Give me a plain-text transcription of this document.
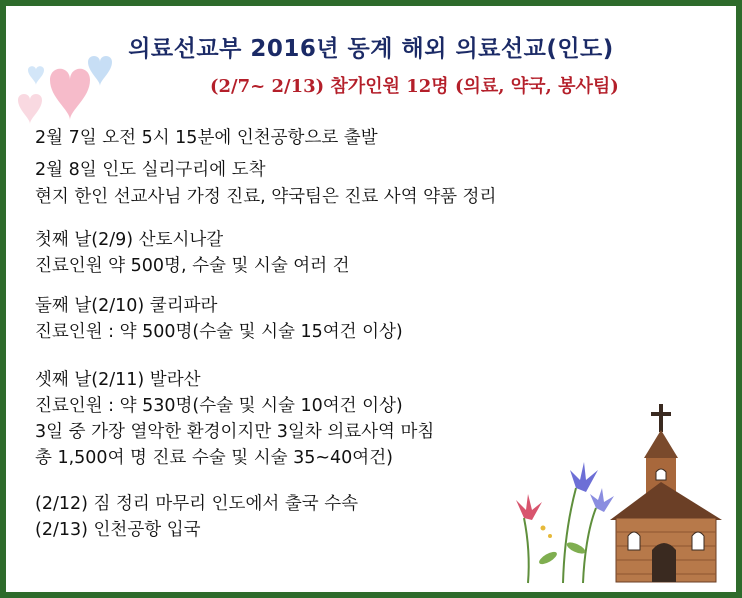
의료선교부 2016년 동계 해외 의료선교(인도)
(2/7~ 2/13) 참가인원 12명 (의료, 약국, 봉사팀)
2월 7일 오전 5시 15분에 인천공항으로 출발
2월 8일 인도 실리구리에 도착
현지 한인 선교사님 가정 진료, 약국팀은 진료 사역 약품 정리
첫째 날(2/9) 산토시나갈
진료인원 약 500명, 수술 및 시술 여러 건
둘째 날(2/10) 쿨리파라
진료인원 : 약 500명(수술 및 시술 15여건 이상)
셋째 날(2/11) 발라산
진료인원 : 약 530명(수술 및 시술 10여건 이상)
3일 중 가장 열악한 환경이지만 3일차 의료사역 마침
총 1,500여 명 진료 수술 및 시술 35~40여건)
(2/12) 짐 정리 마무리 인도에서 출국 수속
(2/13) 인천공항 입국
